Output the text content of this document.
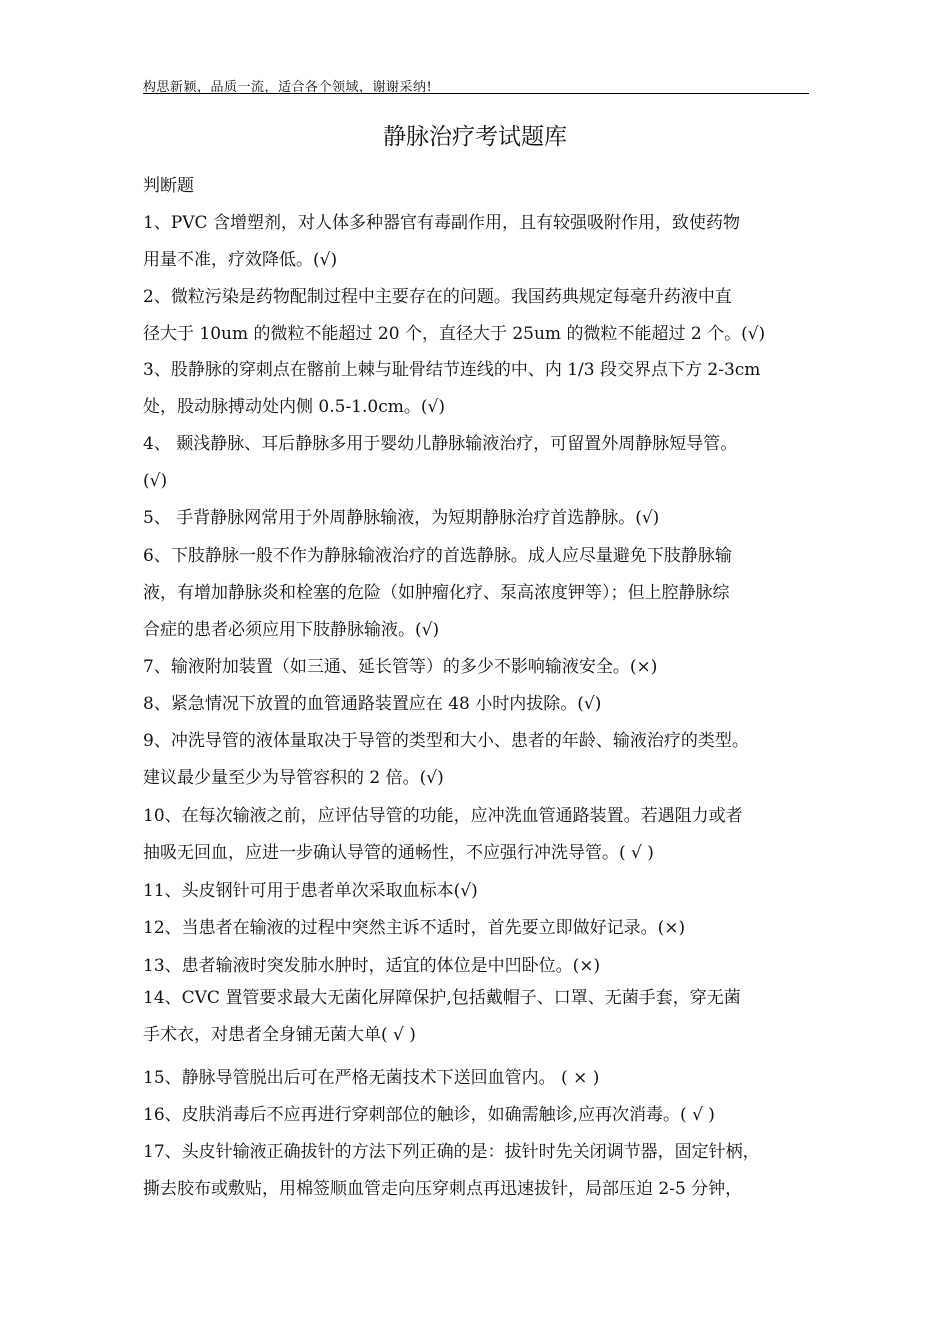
构思新颖，品质一流，适合各个领域，谢谢采纳!
静脉治疗考试题库
判断题
1、PVC 含增塑剂，对人体多种器官有毒副作用，且有较强吸附作用，致使药物
用量不准，疗效降低。(√)
2、微粒污染是药物配制过程中主要存在的问题。我国药典规定每毫升药液中直
径大于 10um 的微粒不能超过 20 个，直径大于 25um 的微粒不能超过 2 个。(√)
3、股静脉的穿刺点在髂前上棘与耻骨结节连线的中、内 1/3 段交界点下方 2-3cm
处，股动脉搏动处内侧 0.5-1.0cm。(√)
4、 颞浅静脉、耳后静脉多用于婴幼儿静脉输液治疗，可留置外周静脉短导管。
(√)
5、 手背静脉网常用于外周静脉输液，为短期静脉治疗首选静脉。(√)
6、下肢静脉一般不作为静脉输液治疗的首选静脉。成人应尽量避免下肢静脉输
液，有增加静脉炎和栓塞的危险（如肿瘤化疗、泵高浓度钾等）；但上腔静脉综
合症的患者必须应用下肢静脉输液。(√)
7、输液附加装置（如三通、延长管等）的多少不影响输液安全。(×)
8、紧急情况下放置的血管通路装置应在 48 小时内拔除。(√)
9、冲洗导管的液体量取决于导管的类型和大小、患者的年龄、输液治疗的类型。
建议最少量至少为导管容积的 2 倍。(√)
10、在每次输液之前，应评估导管的功能，应冲洗血管通路装置。若遇阻力或者
抽吸无回血，应进一步确认导管的通畅性，不应强行冲洗导管。( √ )
11、头皮钢针可用于患者单次采取血标本(√)
12、当患者在输液的过程中突然主诉不适时，首先要立即做好记录。(×)
13、患者输液时突发肺水肿时，适宜的体位是中凹卧位。(×)
14、CVC 置管要求最大无菌化屏障保护,包括戴帽子、口罩、无菌手套，穿无菌
手术衣，对患者全身铺无菌大单( √ )
15、静脉导管脱出后可在严格无菌技术下送回血管内。 ( × )
16、皮肤消毒后不应再进行穿刺部位的触诊，如确需触诊,应再次消毒。( √ )
17、头皮针输液正确拔针的方法下列正确的是：拔针时先关闭调节器，固定针柄，
撕去胶布或敷贴，用棉签顺血管走向压穿刺点再迅速拔针，局部压迫 2-5 分钟，
